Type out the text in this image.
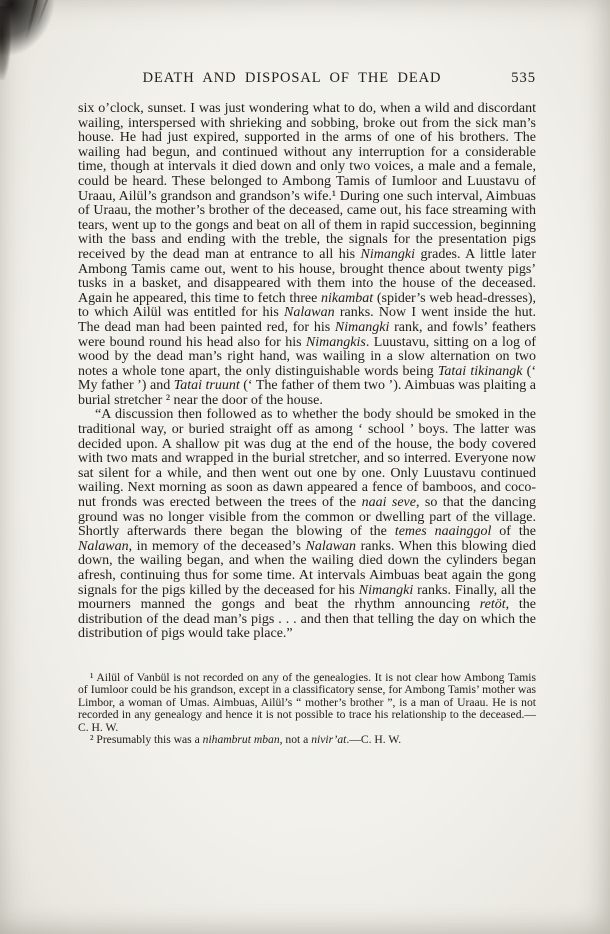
DEATH AND DISPOSAL OF THE DEAD	535

six o’clock, sunset. I was just wondering what to do, when a wild and discordant wailing, interspersed with shrieking and sobbing, broke out from the sick man’s house. He had just expired, supported in the arms of one of his brothers. The wailing had begun, and continued without any interruption for a considerable time, though at intervals it died down and only two voices, a male and a female, could be heard. These belonged to Ambong Tamis of Iumloor and Luustavu of Uraau, Ailül’s grandson and grandson’s wife.¹ During one such interval, Aimbuas of Uraau, the mother’s brother of the deceased, came out, his face streaming with tears, went up to the gongs and beat on all of them in rapid succession, beginning with the bass and ending with the treble, the signals for the presentation pigs received by the dead man at entrance to all his Nimangki grades. A little later Ambong Tamis came out, went to his house, brought thence about twenty pigs’ tusks in a basket, and disappeared with them into the house of the deceased. Again he appeared, this time to fetch three nikambat (spider’s web head-dresses), to which Ailül was entitled for his Nalawan ranks. Now I went inside the hut. The dead man had been painted red, for his Nimangki rank, and fowls’ feathers were bound round his head also for his Nimangkis. Luustavu, sitting on a log of wood by the dead man’s right hand, was wailing in a slow alternation on two notes a whole tone apart, the only distinguishable words being Tatai tikinangk (‘ My father ’) and Tatai truunt (‘ The father of them two ’). Aimbuas was plaiting a burial stretcher ² near the door of the house.

“A discussion then followed as to whether the body should be smoked in the traditional way, or buried straight off as among ‘ school ’ boys. The latter was decided upon. A shallow pit was dug at the end of the house, the body covered with two mats and wrapped in the burial stretcher, and so interred. Everyone now sat silent for a while, and then went out one by one. Only Luustavu continued wailing. Next morning as soon as dawn appeared a fence of bamboos, and coco-nut fronds was erected between the trees of the naai seve, so that the dancing ground was no longer visible from the common or dwelling part of the village. Shortly afterwards there began the blowing of the temes naainggol of the Nalawan, in memory of the deceased’s Nalawan ranks. When this blowing died down, the wailing began, and when the wailing died down the cylinders began afresh, continuing thus for some time. At intervals Aimbuas beat again the gong signals for the pigs killed by the deceased for his Nimangki ranks. Finally, all the mourners manned the gongs and beat the rhythm announcing retöt, the distribution of the dead man’s pigs . . . and then that telling the day on which the distribution of pigs would take place.”

¹ Ailül of Vanbül is not recorded on any of the genealogies. It is not clear how Ambong Tamis of Iumloor could be his grandson, except in a classificatory sense, for Ambong Tamis’ mother was Limbor, a woman of Umas. Aimbuas, Ailül’s “ mother’s brother ”, is a man of Uraau. He is not recorded in any genealogy and hence it is not possible to trace his relationship to the deceased.— C. H. W.

² Presumably this was a nihambrut mban, not a nivir’at.—C. H. W.
